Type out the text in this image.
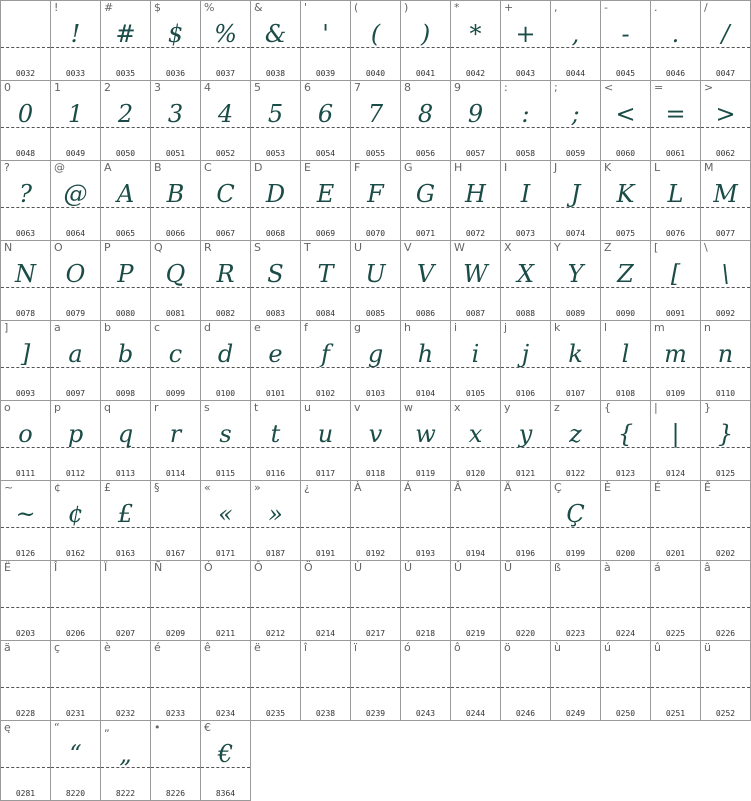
0032
!
!
0033
#
#
0035
$
$
0036
%
%
0037
&
&
0038
'
'
0039
(
(
0040
)
)
0041
*
*
0042
+
+
0043
,
,
0044
-
-
0045
.
.
0046
/
/
0047
0
0
0048
1
1
0049
2
2
0050
3
3
0051
4
4
0052
5
5
0053
6
6
0054
7
7
0055
8
8
0056
9
9
0057
:
:
0058
;
;
0059
<
<
0060
=
=
0061
>
>
0062
?
?
0063
@
@
0064
A
A
0065
B
B
0066
C
C
0067
D
D
0068
E
E
0069
F
F
0070
G
G
0071
H
H
0072
I
I
0073
J
J
0074
K
K
0075
L
L
0076
M
M
0077
N
N
0078
O
O
0079
P
P
0080
Q
Q
0081
R
R
0082
S
S
0083
T
T
0084
U
U
0085
V
V
0086
W
W
0087
X
X
0088
Y
Y
0089
Z
Z
0090
[
[
0091
\
\
0092
]
]
0093
a
a
0097
b
b
0098
c
c
0099
d
d
0100
e
e
0101
f
f
0102
g
g
0103
h
h
0104
i
i
0105
j
j
0106
k
k
0107
l
l
0108
m
m
0109
n
n
0110
o
o
0111
p
p
0112
q
q
0113
r
r
0114
s
s
0115
t
t
0116
u
u
0117
v
v
0118
w
w
0119
x
x
0120
y
y
0121
z
z
0122
{
{
0123
|
|
0124
}
}
0125
~
~
0126
¢
¢
0162
£
£
0163
§
0167
«
«
0171
»
»
0187
¿
0191
À
0192
Á
0193
Â
0194
Ä
0196
Ç
Ç
0199
È
0200
É
0201
Ê
0202
Ë
0203
Î
0206
Ï
0207
Ñ
0209
Ó
0211
Ô
0212
Ö
0214
Ù
0217
Ú
0218
Û
0219
Ü
0220
ß
0223
à
0224
á
0225
â
0226
ä
0228
ç
0231
è
0232
é
0233
ê
0234
ë
0235
î
0238
ï
0239
ó
0243
ô
0244
ö
0246
ù
0249
ú
0250
û
0251
ü
0252
ę
0281
“
“
8220
„
„
8222
•
8226
€
€
8364
